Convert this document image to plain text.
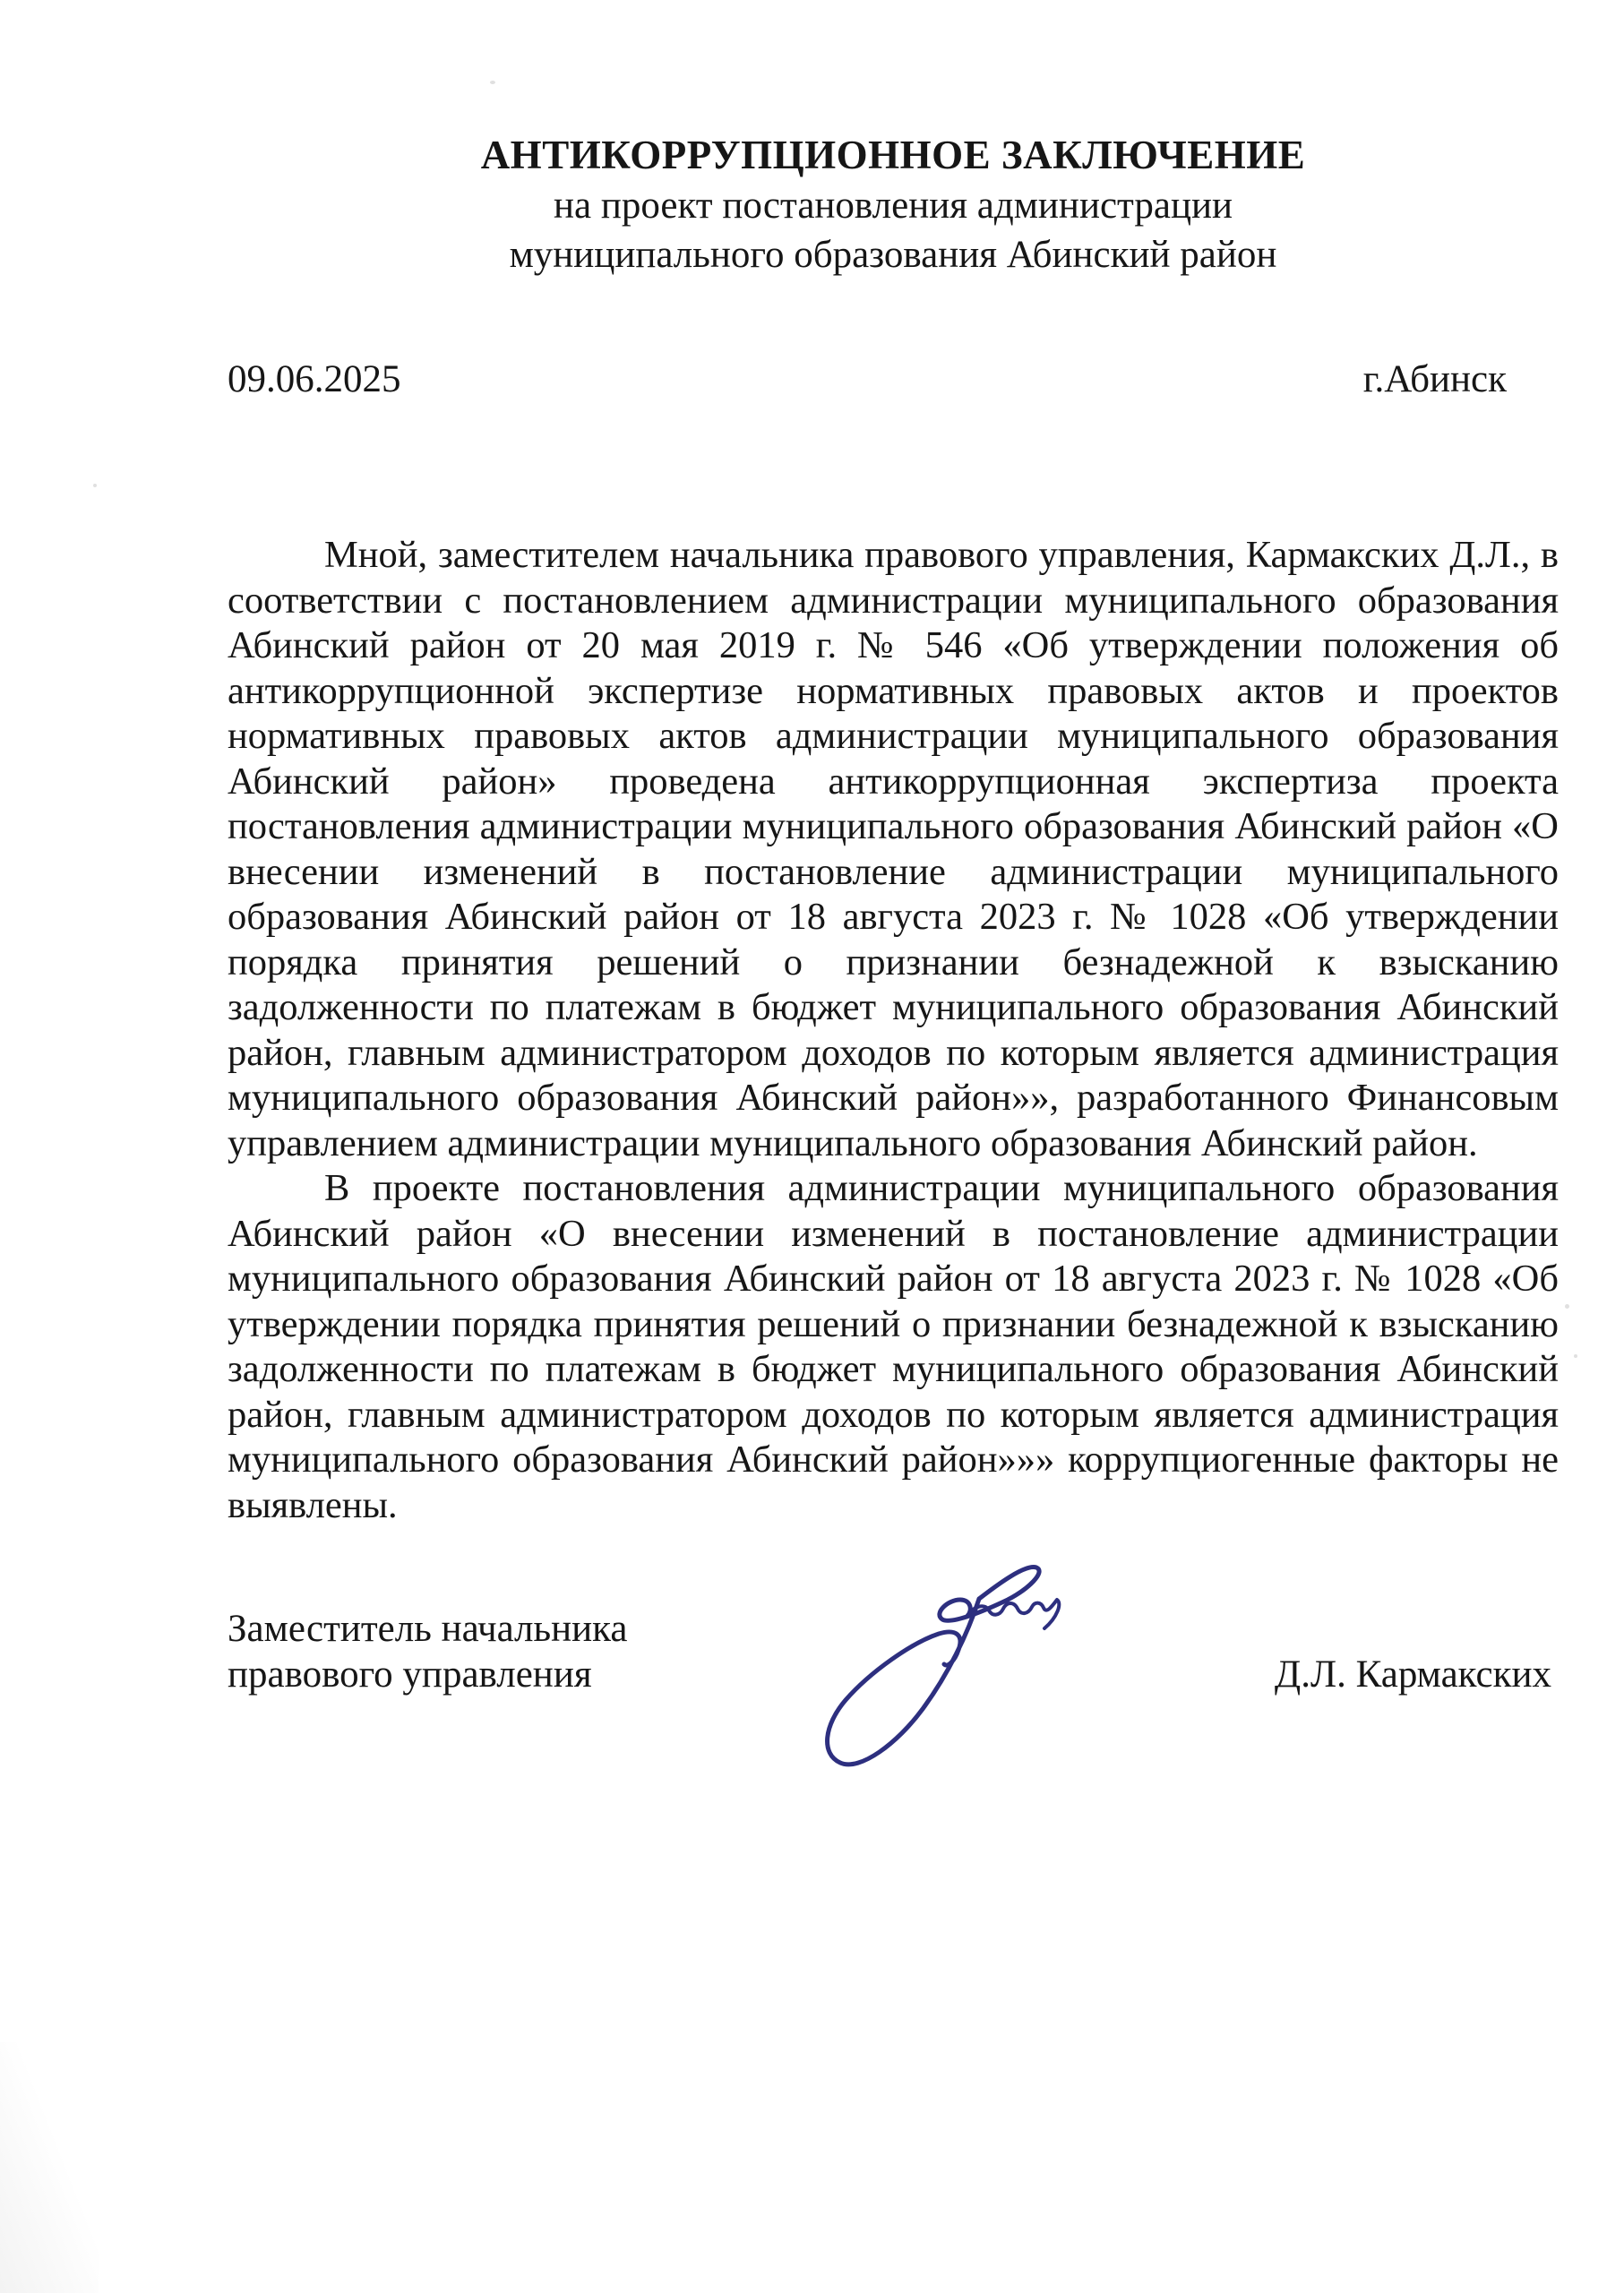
АНТИКОРРУПЦИОННОЕ ЗАКЛЮЧЕНИЕ
на проект постановления администрации
муниципального образования Абинский район
09.06.2025	г.Абинск

Мной, заместителем начальника правового управления, Кармакских Д.Л., в соответствии с постановлением администрации муниципального образования Абинский район от 20 мая 2019 г. № 546 «Об утверждении положения об антикоррупционной экспертизе нормативных правовых актов и проектов нормативных правовых актов администрации муниципального образования Абинский район» проведена антикоррупционная экспертиза проекта постановления администрации муниципального образования Абинский район «О внесении изменений в постановление администрации муниципального образования Абинский район от 18 августа 2023 г. № 1028 «Об утверждении порядка принятия решений о признании безнадежной к взысканию задолженности по платежам в бюджет муниципального образования Абинский район, главным администратором доходов по которым является администрация муниципального образования Абинский район»», разработанного Финансовым управлением администрации муниципального образования Абинский район.

В проекте постановления администрации муниципального образования Абинский район «О внесении изменений в постановление администрации муниципального образования Абинский район от 18 августа 2023 г. № 1028 «Об утверждении порядка принятия решений о признании безнадежной к взысканию задолженности по платежам в бюджет муниципального образования Абинский район, главным администратором доходов по которым является администрация муниципального образования Абинский район»»» коррупциогенные факторы не выявлены.

Заместитель начальника
правового управления	Д.Л. Кармакских
